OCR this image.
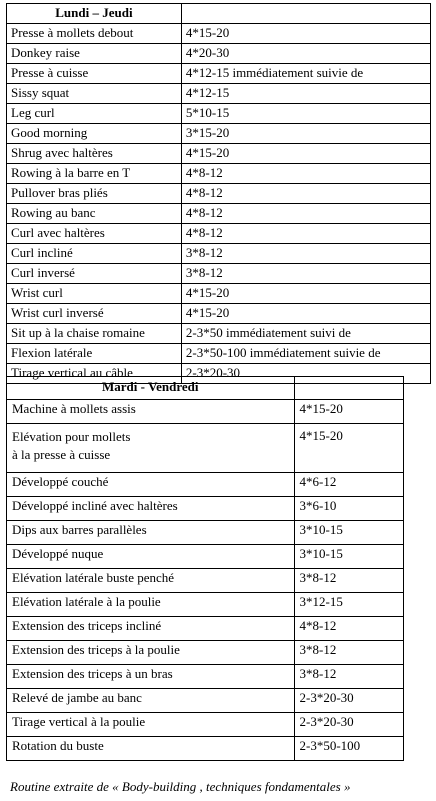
Lundi – Jeudi	
Presse à mollets debout	4*15-20
Donkey raise	4*20-30
Presse à cuisse	4*12-15 immédiatement suivie de
Sissy squat	4*12-15
Leg curl	5*10-15
Good morning	3*15-20
Shrug avec haltères	4*15-20
Rowing à la barre en T	4*8-12
Pullover bras pliés	4*8-12
Rowing au banc	4*8-12
Curl avec haltères	4*8-12
Curl incliné	3*8-12
Curl inversé	3*8-12
Wrist curl	4*15-20
Wrist curl inversé	4*15-20
Sit up à la chaise romaine	2-3*50 immédiatement suivi de
Flexion latérale	2-3*50-100 immédiatement suivie de
Tirage vertical au câble	2-3*20-30
Mardi - Vendredi	
Machine à mollets assis	4*15-20

Elévation pour mollets
à la presse à cuisse	4*15-20
Développé couché	4*6-12
Développé incliné avec haltères	3*6-10
Dips aux barres parallèles	3*10-15
Développé nuque	3*10-15
Elévation latérale buste penché	3*8-12
Elévation latérale à la poulie	3*12-15
Extension des triceps incliné	4*8-12
Extension des triceps à la poulie	3*8-12
Extension des triceps à un bras	3*8-12
Relevé de jambe au banc	2-3*20-30
Tirage vertical à la poulie	2-3*20-30
Rotation du buste	2-3*50-100
Routine extraite de « Body-building , techniques fondamentales »
